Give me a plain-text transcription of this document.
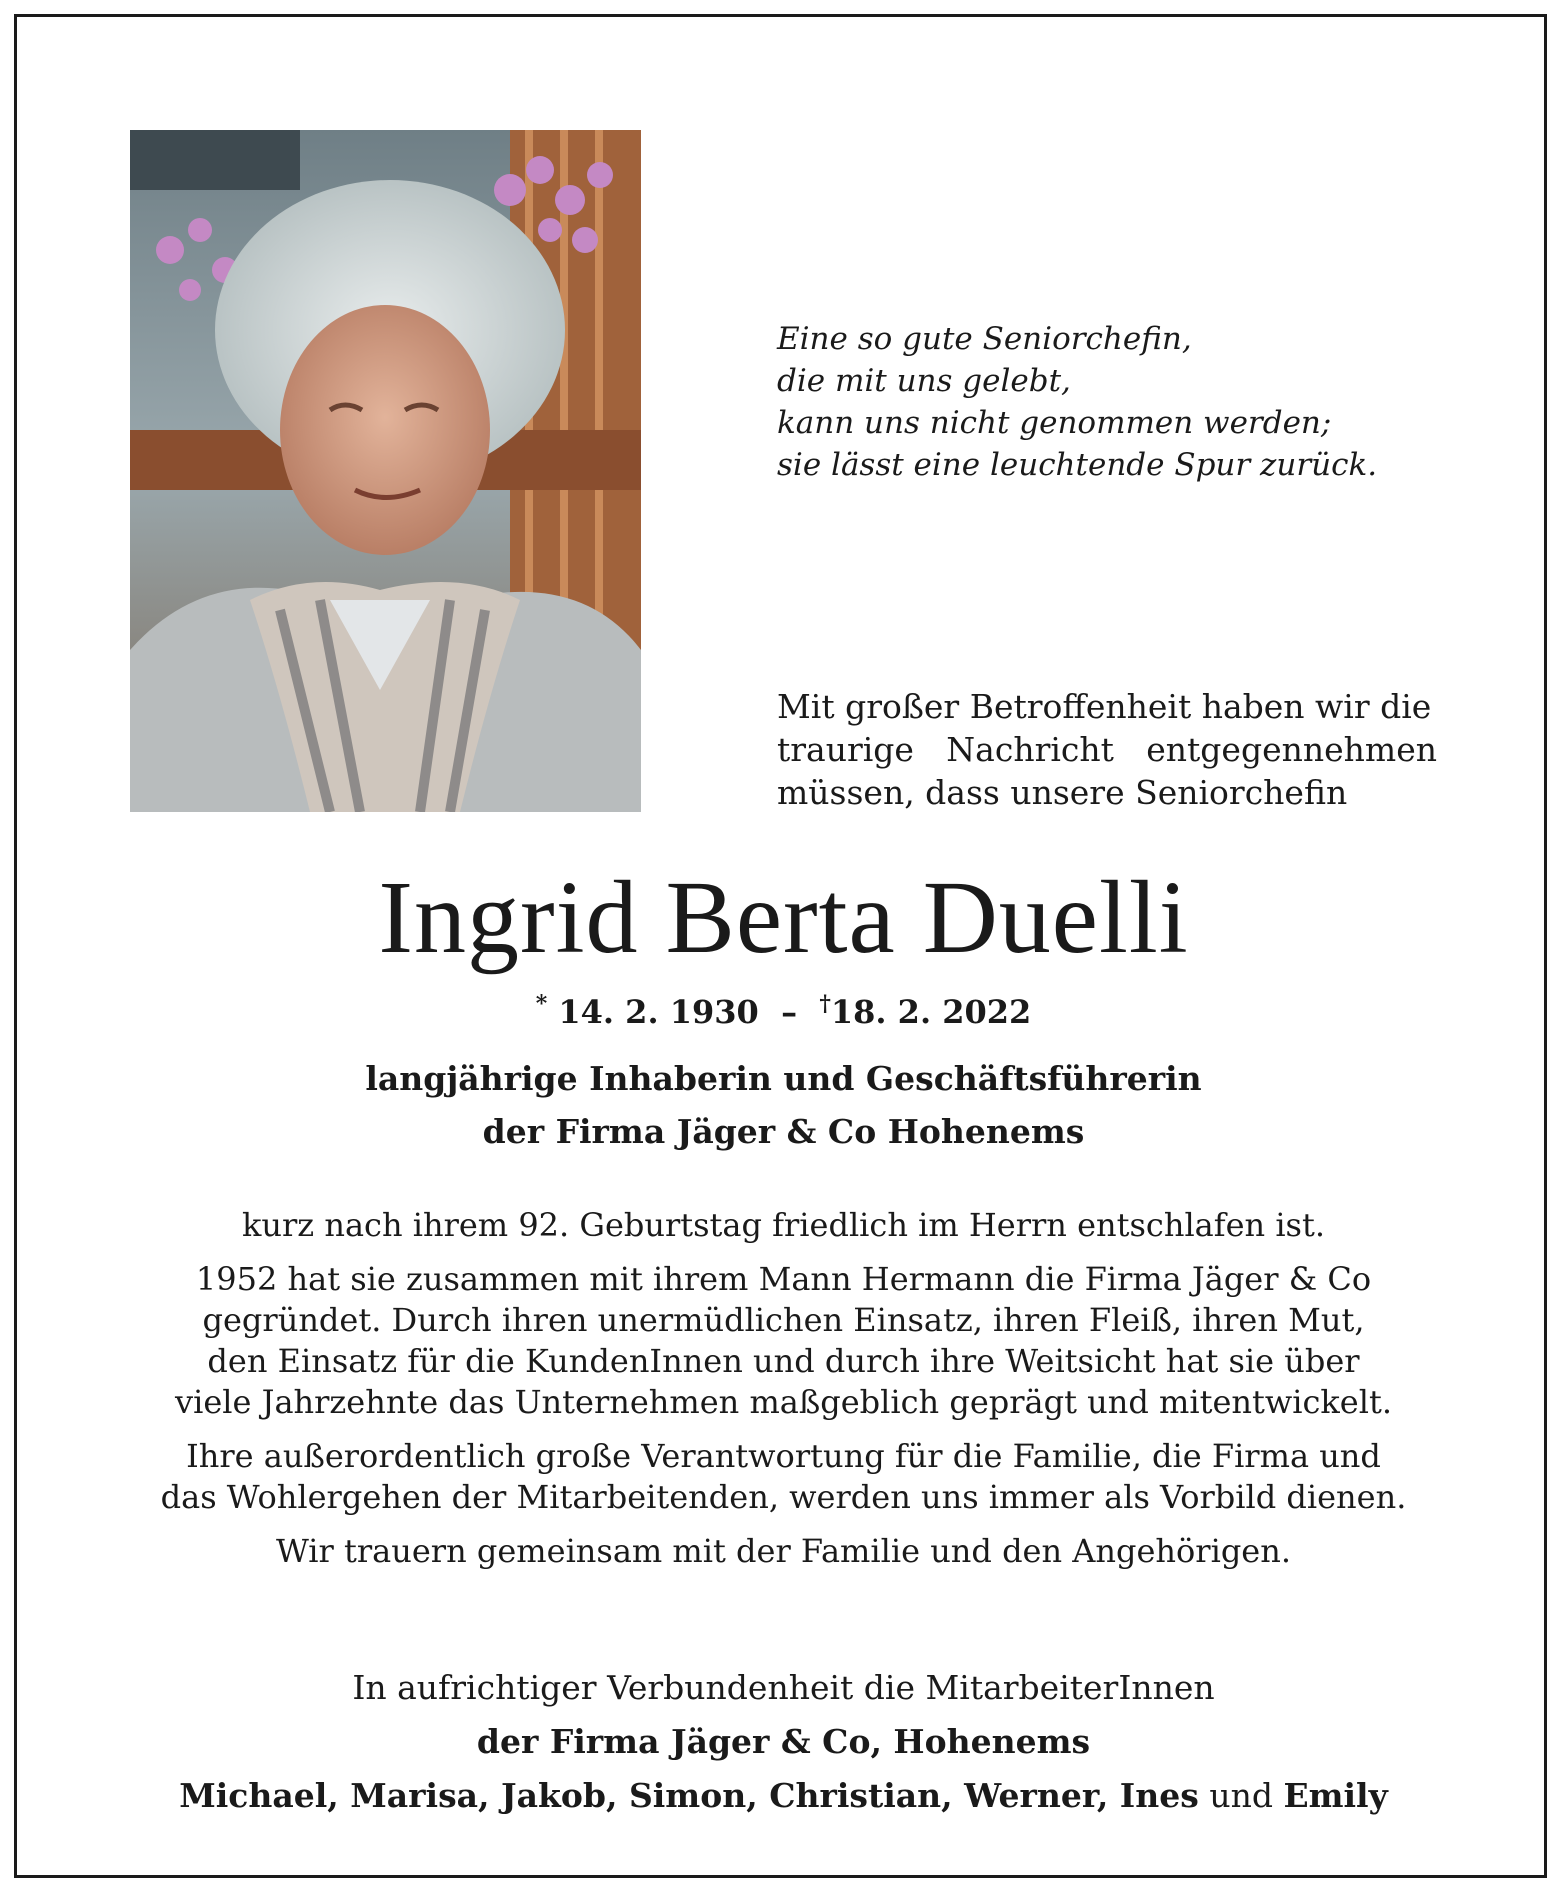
Eine so gute Seniorchefin,
die mit uns gelebt,
kann uns nicht genommen werden;
sie lässt eine leuchtende Spur zurück.
Mit großer Betroffenheit haben wir die
traurige Nachricht entgegennehmen
müssen, dass unsere Seniorchefin
Ingrid Berta Duelli
* 14. 2. 1930 – †18. 2. 2022
langjährige Inhaberin und Geschäftsführerin
der Firma Jäger & Co Hohenems

kurz nach ihrem 92. Geburtstag friedlich im Herrn entschlafen ist.

1952 hat sie zusammen mit ihrem Mann Hermann die Firma Jäger & Co
gegründet. Durch ihren unermüdlichen Einsatz, ihren Fleiß, ihren Mut,
den Einsatz für die KundenInnen und durch ihre Weitsicht hat sie über
viele Jahrzehnte das Unternehmen maßgeblich geprägt und mitentwickelt.

Ihre außerordentlich große Verantwortung für die Familie, die Firma und
das Wohlergehen der Mitarbeitenden, werden uns immer als Vorbild dienen.

Wir trauern gemeinsam mit der Familie und den Angehörigen.

In aufrichtiger Verbundenheit die MitarbeiterInnen
der Firma Jäger & Co, Hohenems
Michael, Marisa, Jakob, Simon, Christian, Werner, Ines und Emily
